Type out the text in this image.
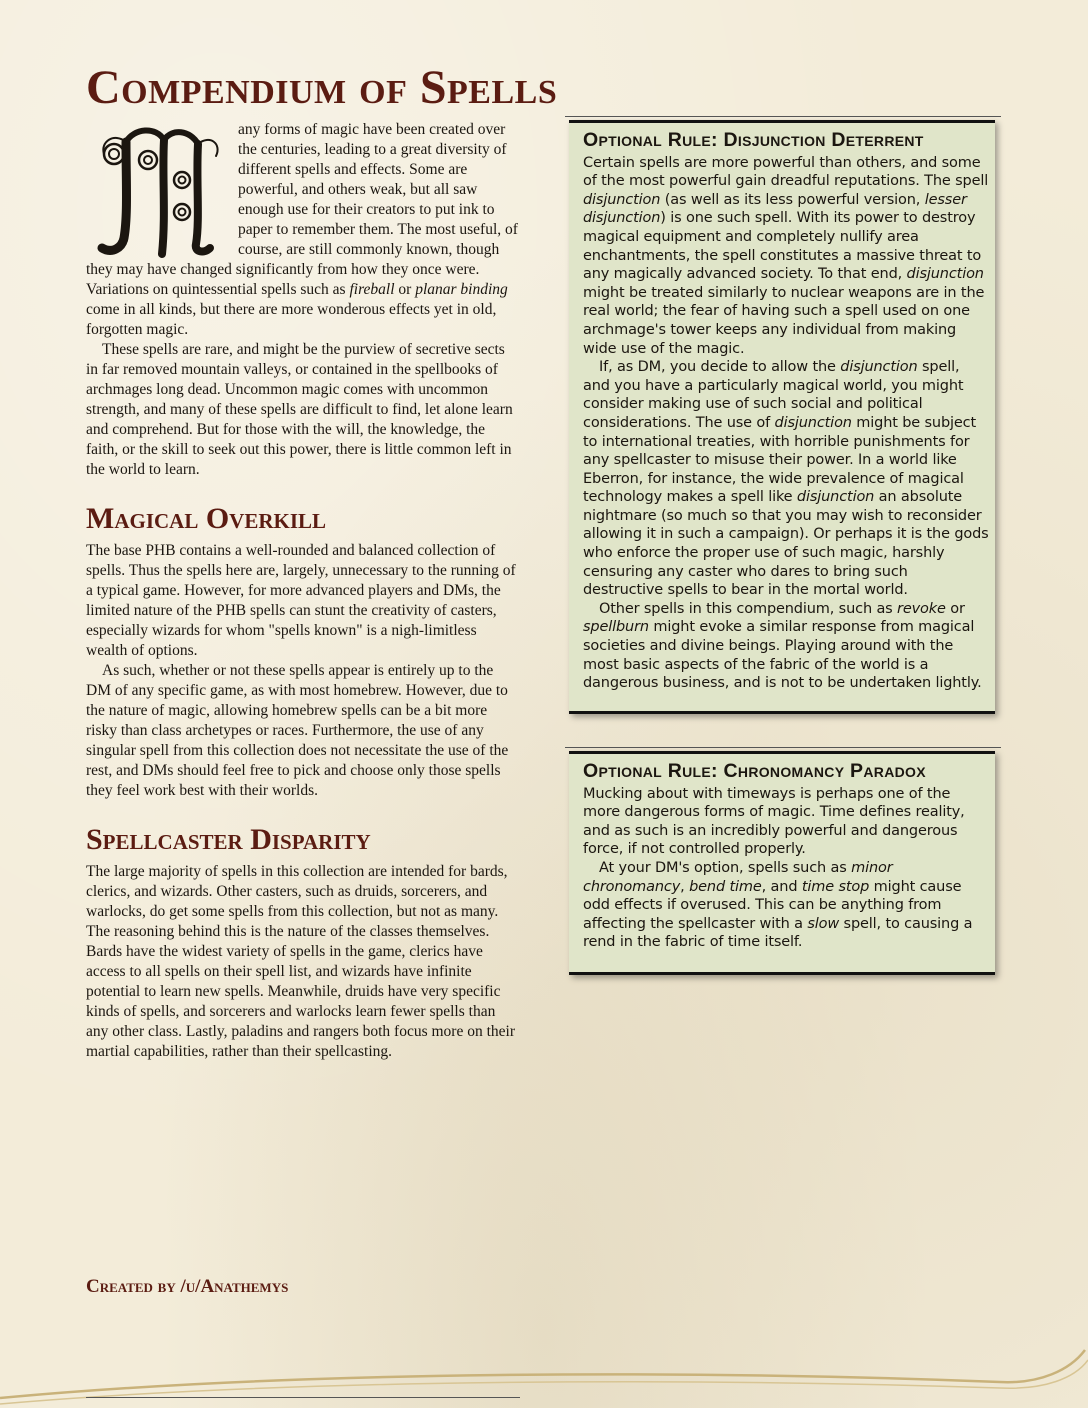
Compendium of Spells

any forms of magic have been created over the centuries, leading to a great diversity of different spells and effects. Some are powerful, and others weak, but all saw enough use for their creators to put ink to paper to remember them. The most useful, of course, are still commonly known, though they may have changed significantly from how they once were. Variations on quintessential spells such as fireball or planar binding come in all kinds, but there are more wonderous effects yet in old, forgotten magic.

These spells are rare, and might be the purview of secretive sects in far removed mountain valleys, or contained in the spellbooks of archmages long dead. Uncommon magic comes with uncommon strength, and many of these spells are difficult to find, let alone learn and comprehend. But for those with the will, the knowledge, the faith, or the skill to seek out this power, there is little common left in the world to learn.

Magical Overkill

The base PHB contains a well-rounded and balanced collection of spells. Thus the spells here are, largely, unnecessary to the running of a typical game. However, for more advanced players and DMs, the limited nature of the PHB spells can stunt the creativity of casters, especially wizards for whom "spells known" is a nigh-limitless wealth of options.

As such, whether or not these spells appear is entirely up to the DM of any specific game, as with most homebrew. However, due to the nature of magic, allowing homebrew spells can be a bit more risky than class archetypes or races. Furthermore, the use of any singular spell from this collection does not necessitate the use of the rest, and DMs should feel free to pick and choose only those spells they feel work best with their worlds.

Spellcaster Disparity

The large majority of spells in this collection are intended for bards, clerics, and wizards. Other casters, such as druids, sorcerers, and warlocks, do get some spells from this collection, but not as many. The reasoning behind this is the nature of the classes themselves. Bards have the widest variety of spells in the game, clerics have access to all spells on their spell list, and wizards have infinite potential to learn new spells. Meanwhile, druids have very specific kinds of spells, and sorcerers and warlocks learn fewer spells than any other class. Lastly, paladins and rangers both focus more on their martial capabilities, rather than their spellcasting.

Optional Rule: Disjunction Deterrent

Certain spells are more powerful than others, and some of the most powerful gain dreadful reputations. The spell disjunction (as well as its less powerful version, lesser disjunction) is one such spell. With its power to destroy magical equipment and completely nullify area enchantments, the spell constitutes a massive threat to any magically advanced society. To that end, disjunction might be treated similarly to nuclear weapons are in the real world; the fear of having such a spell used on one archmage's tower keeps any individual from making wide use of the magic.

If, as DM, you decide to allow the disjunction spell, and you have a particularly magical world, you might consider making use of such social and political considerations. The use of disjunction might be subject to international treaties, with horrible punishments for any spellcaster to misuse their power. In a world like Eberron, for instance, the wide prevalence of magical technology makes a spell like disjunction an absolute nightmare (so much so that you may wish to reconsider allowing it in such a campaign). Or perhaps it is the gods who enforce the proper use of such magic, harshly censuring any caster who dares to bring such destructive spells to bear in the mortal world.

Other spells in this compendium, such as revoke or spellburn might evoke a similar response from magical societies and divine beings. Playing around with the most basic aspects of the fabric of the world is a dangerous business, and is not to be undertaken lightly.

Optional Rule: Chronomancy Paradox

Mucking about with timeways is perhaps one of the more dangerous forms of magic. Time defines reality, and as such is an incredibly powerful and dangerous force, if not controlled properly.

At your DM's option, spells such as minor chronomancy, bend time, and time stop might cause odd effects if overused. This can be anything from affecting the spellcaster with a slow spell, to causing a rend in the fabric of time itself.

Created by /u/Anathemys
